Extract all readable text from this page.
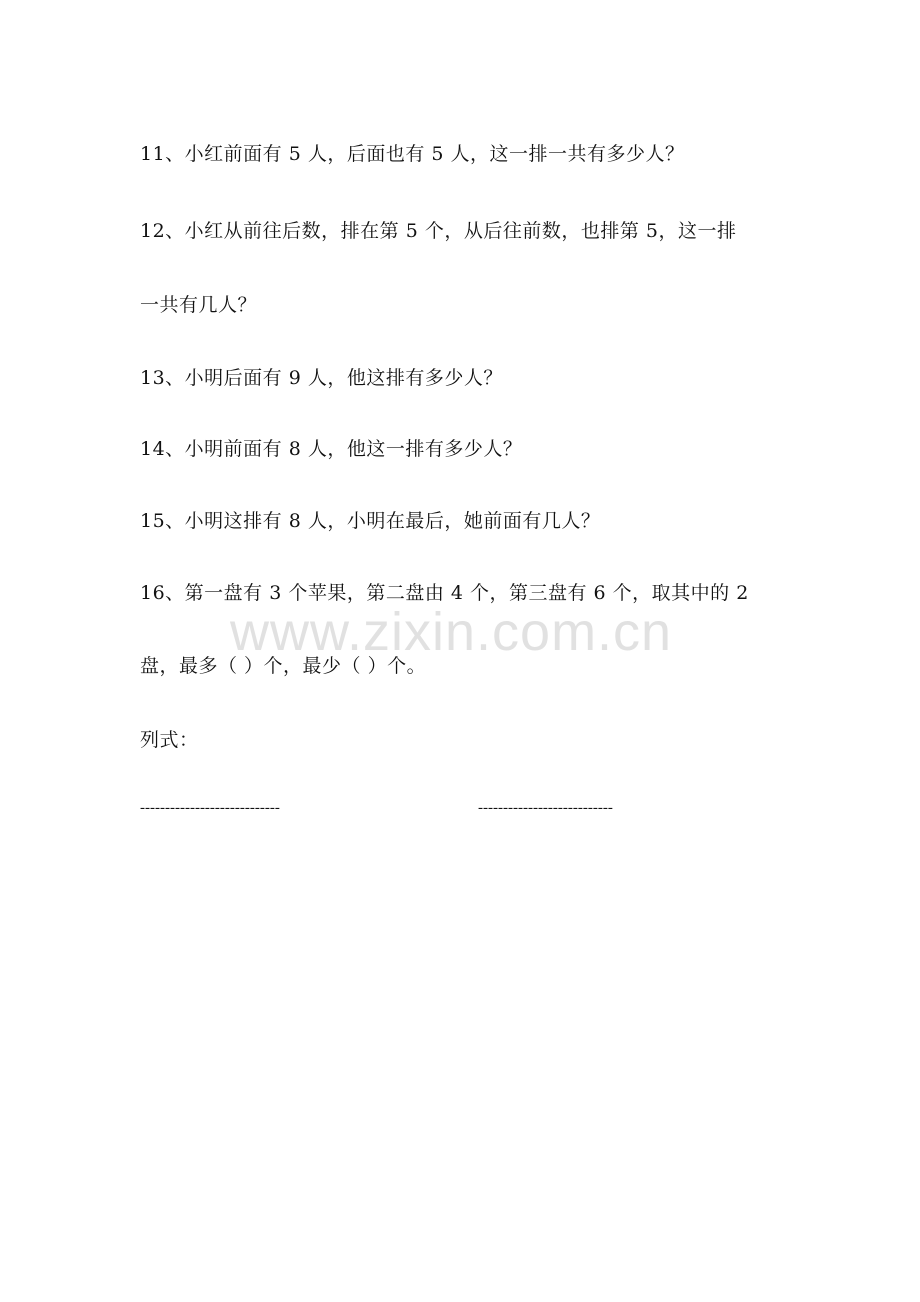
11、小红前面有 5 人，后面也有 5 人，这一排一共有多少人？
12、小红从前往后数，排在第 5 个，从后往前数，也排第 5，这一排
一共有几人？
13、小明后面有 9 人，他这排有多少人？
14、小明前面有 8 人，他这一排有多少人？
15、小明这排有 8 人，小明在最后，她前面有几人？
16、第一盘有 3 个苹果，第二盘由 4 个，第三盘有 6 个，取其中的 2
盘，最多（ ）个，最少（ ）个。
列式：
----------------------------	---------------------------
www.zixin.com.cn
